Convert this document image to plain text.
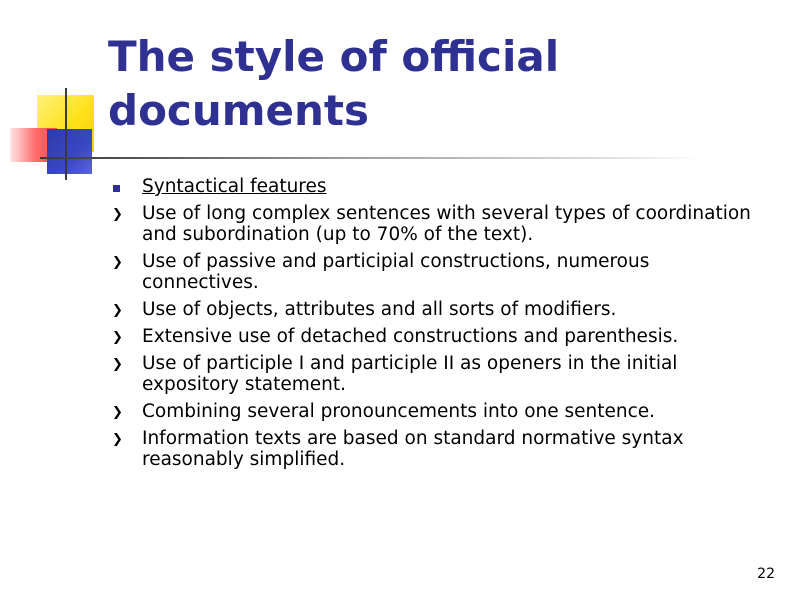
The style of official documents
Syntactical features
❯ Use of long complex sentences with several types of coordination and subordination (up to 70% of the text).
❯ Use of passive and participial constructions, numerous connectives.
❯ Use of objects, attributes and all sorts of modifiers.
❯ Extensive use of detached constructions and parenthesis.
❯ Use of participle I and participle II as openers in the initial expository statement.
❯ Combining several pronouncements into one sentence.
❯ Information texts are based on standard normative syntax reasonably simplified.
22
